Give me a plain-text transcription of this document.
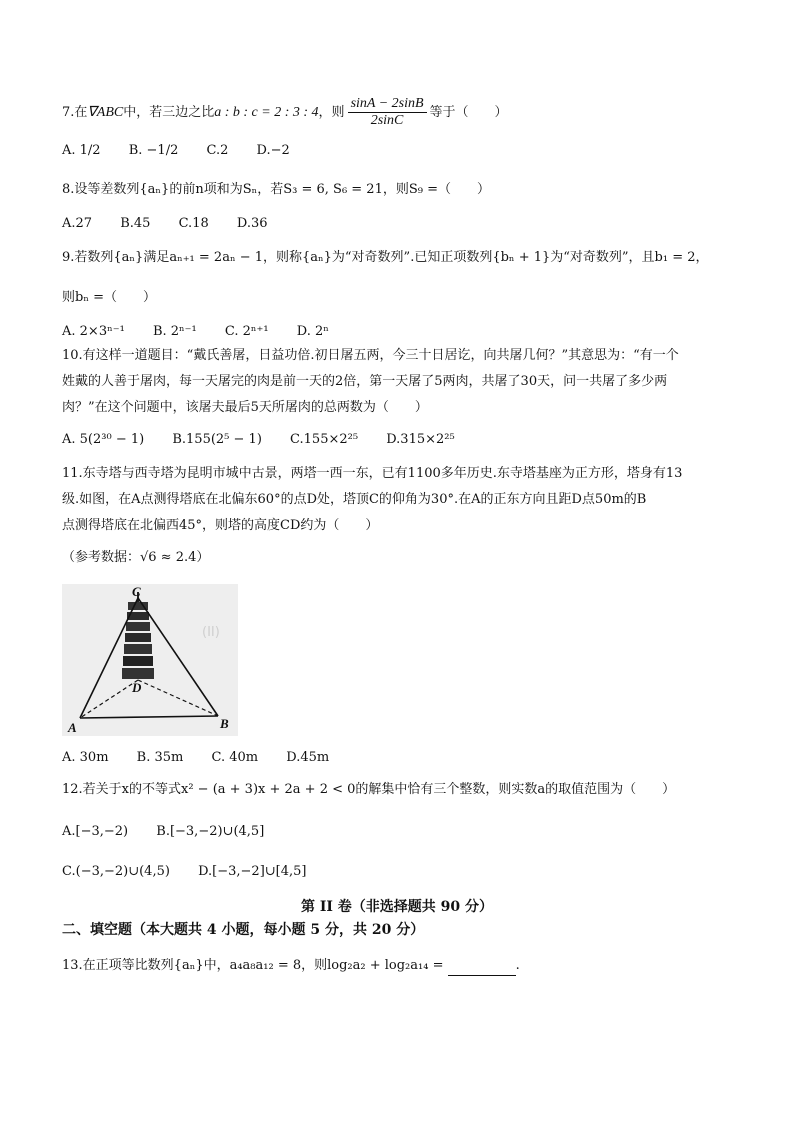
7.在∇ABC中，若三边之比a : b : c = 2 : 3 : 4，则 $\frac{\sin A - 2\sin B}{2\sin C}$ 等于（　　）
A. 1/2 B. −1/2 C.2 D.−2
8.设等差数列{aₙ}的前n项和为Sₙ，若S₃ = 6, S₆ = 21，则S₉ =（　　）
A.27 B.45 C.18 D.36
9.若数列{aₙ}满足aₙ₊₁ = 2aₙ − 1，则称{aₙ}为“对奇数列”.已知正项数列{bₙ + 1}为“对奇数列”，且b₁ = 2，
则bₙ =（　　）
A. 2×3ⁿ⁻¹ B. 2ⁿ⁻¹ C. 2ⁿ⁺¹ D. 2ⁿ
10.有这样一道题目：“戴氏善屠，日益功倍.初日屠五两，今三十日居讫，向共屠几何？”其意思为：“有一个
姓戴的人善于屠肉，每一天屠完的肉是前一天的2倍，第一天屠了5两肉，共屠了30天，问一共屠了多少两
肉？”在这个问题中，该屠夫最后5天所屠肉的总两数为（　　）
A. 5(2³⁰ − 1) B.155(2⁵ − 1) C.155×2²⁵ D.315×2²⁵
11.东寺塔与西寺塔为昆明市城中古景，两塔一西一东，已有1100多年历史.东寺塔基座为正方形，塔身有13
级.如图，在A点测得塔底在北偏东60°的点D处，塔顶C的仰角为30°.在A的正东方向且距D点50m的B
点测得塔底在北偏西45°，则塔的高度CD约为（　　）
（参考数据：√6 ≈ 2.4）
(II)
C
D
A	B
A. 30m B. 35m C. 40m D.45m
12.若关于x的不等式x² − (a + 3)x + 2a + 2 < 0的解集中恰有三个整数，则实数a的取值范围为（　　）
A.[−3,−2) B.[−3,−2)∪(4,5]
C.(−3,−2)∪(4,5) D.[−3,−2]∪[4,5]
第 II 卷（非选择题共 90 分）
二、填空题（本大题共 4 小题，每小题 5 分，共 20 分）
13.在正项等比数列{aₙ}中，a₄a₈a₁₂ = 8，则log₂a₂ + log₂a₁₄ =	.
